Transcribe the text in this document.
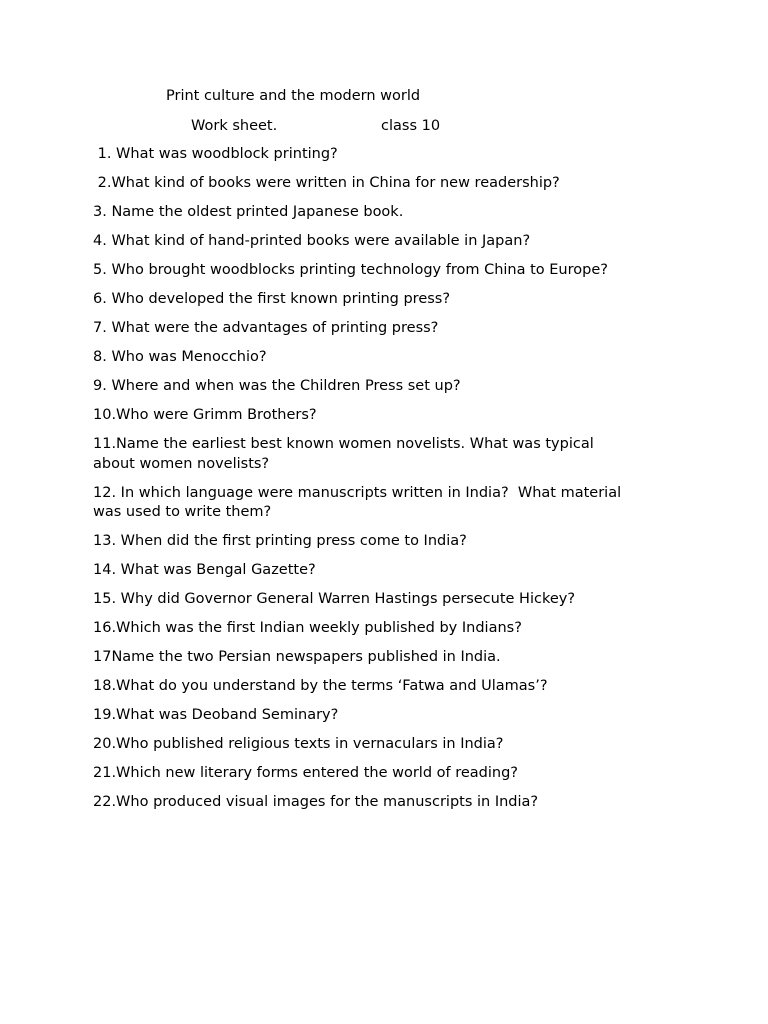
Print culture and the modern world
Work sheet.	class 10
1. What was woodblock printing?
2.What kind of books were written in China for new readership?
3. Name the oldest printed Japanese book.
4. What kind of hand-printed books were available in Japan?
5. Who brought woodblocks printing technology from China to Europe?
6. Who developed the first known printing press?
7. What were the advantages of printing press?
8. Who was Menocchio?
9. Where and when was the Children Press set up?
10.Who were Grimm Brothers?
11.Name the earliest best known women novelists. What was typical
about women novelists?
12. In which language were manuscripts written in India?  What material
was used to write them?
13. When did the first printing press come to India?
14. What was Bengal Gazette?
15. Why did Governor General Warren Hastings persecute Hickey?
16.Which was the first Indian weekly published by Indians?
17Name the two Persian newspapers published in India.
18.What do you understand by the terms ‘Fatwa and Ulamas’?
19.What was Deoband Seminary?
20.Who published religious texts in vernaculars in India?
21.Which new literary forms entered the world of reading?
22.Who produced visual images for the manuscripts in India?
